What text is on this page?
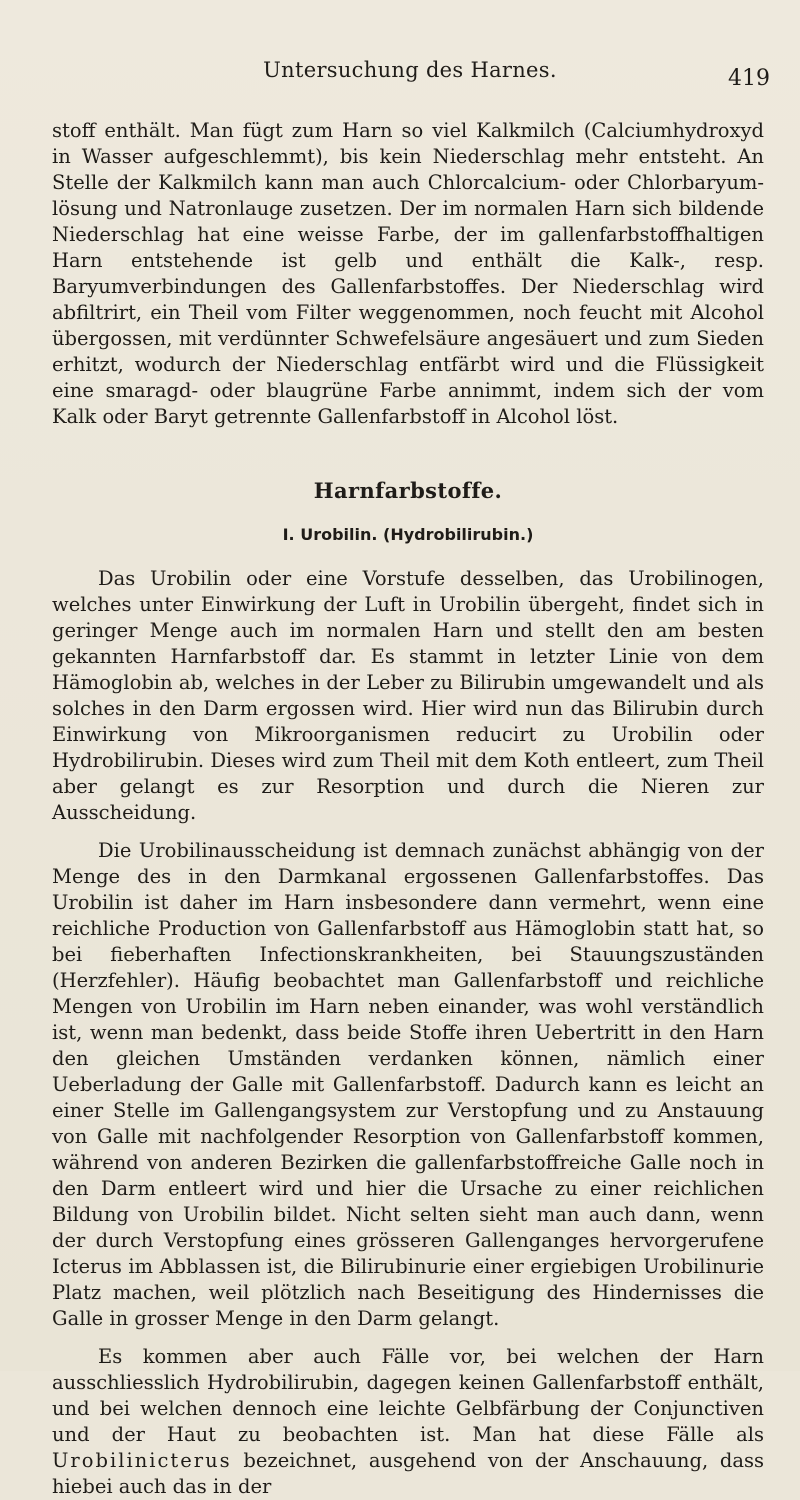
Untersuchung des Harnes.	419

stoff enthält. Man fügt zum Harn so viel Kalkmilch (Calciumhydroxyd in Wasser aufgeschlemmt), bis kein Niederschlag mehr entsteht. An Stelle der Kalkmilch kann man auch Chlorcalcium- oder Chlorbaryum-lösung und Natronlauge zusetzen. Der im normalen Harn sich bildende Niederschlag hat eine weisse Farbe, der im gallenfarbstoffhaltigen Harn entstehende ist gelb und enthält die Kalk-, resp. Baryumverbindungen des Gallenfarbstoffes. Der Niederschlag wird abfiltrirt, ein Theil vom Filter weggenommen, noch feucht mit Alcohol übergossen, mit verdünnter Schwefelsäure angesäuert und zum Sieden erhitzt, wodurch der Niederschlag entfärbt wird und die Flüssigkeit eine smaragd- oder blaugrüne Farbe annimmt, indem sich der vom Kalk oder Baryt getrennte Gallenfarbstoff in Alcohol löst.

Harnfarbstoffe.
I. Urobilin. (Hydrobilirubin.)

Das Urobilin oder eine Vorstufe desselben, das Urobilinogen, welches unter Einwirkung der Luft in Urobilin übergeht, findet sich in geringer Menge auch im normalen Harn und stellt den am besten gekannten Harnfarbstoff dar. Es stammt in letzter Linie von dem Hämoglobin ab, welches in der Leber zu Bilirubin umgewandelt und als solches in den Darm ergossen wird. Hier wird nun das Bilirubin durch Einwirkung von Mikroorganismen reducirt zu Urobilin oder Hydrobilirubin. Dieses wird zum Theil mit dem Koth entleert, zum Theil aber gelangt es zur Resorption und durch die Nieren zur Ausscheidung.

Die Urobilinausscheidung ist demnach zunächst abhängig von der Menge des in den Darmkanal ergossenen Gallenfarbstoffes. Das Urobilin ist daher im Harn insbesondere dann vermehrt, wenn eine reichliche Production von Gallenfarbstoff aus Hämoglobin statt hat, so bei fieberhaften Infectionskrankheiten, bei Stauungszuständen (Herzfehler). Häufig beobachtet man Gallenfarbstoff und reichliche Mengen von Urobilin im Harn neben einander, was wohl verständlich ist, wenn man bedenkt, dass beide Stoffe ihren Uebertritt in den Harn den gleichen Umständen verdanken können, nämlich einer Ueberladung der Galle mit Gallenfarbstoff. Dadurch kann es leicht an einer Stelle im Gallengangsystem zur Verstopfung und zu Anstauung von Galle mit nachfolgender Resorption von Gallenfarbstoff kommen, während von anderen Bezirken die gallenfarbstoffreiche Galle noch in den Darm entleert wird und hier die Ursache zu einer reichlichen Bildung von Urobilin bildet. Nicht selten sieht man auch dann, wenn der durch Verstopfung eines grösseren Gallenganges hervorgerufene Icterus im Abblassen ist, die Bilirubinurie einer ergiebigen Urobilinurie Platz machen, weil plötzlich nach Beseitigung des Hindernisses die Galle in grosser Menge in den Darm gelangt.

Es kommen aber auch Fälle vor, bei welchen der Harn ausschliesslich Hydrobilirubin, dagegen keinen Gallenfarbstoff enthält, und bei welchen dennoch eine leichte Gelbfärbung der Conjunctiven und der Haut zu beobachten ist. Man hat diese Fälle als Urobilinicterus bezeichnet, ausgehend von der Anschauung, dass hiebei auch das in der
